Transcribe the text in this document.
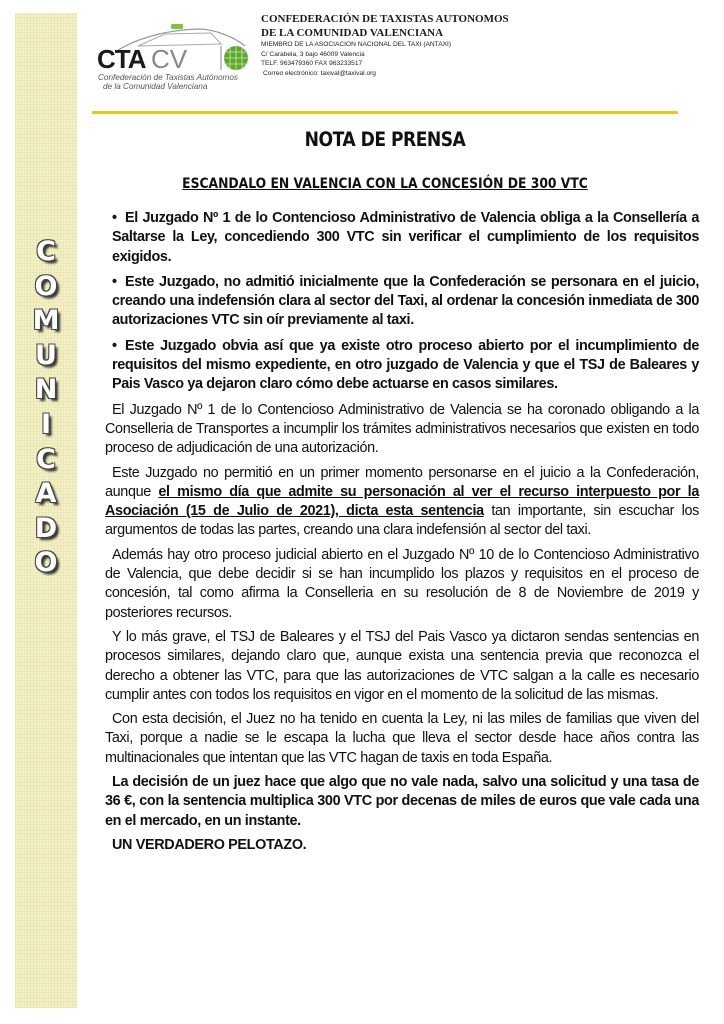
C
O
M
U
N
I
C
A
D
O
CTA CV
Confederación de Taxistas Autónomos
de la Comunidad Valenciana
CONFEDERACIÓN DE TAXISTAS AUTONOMOS
DE LA COMUNIDAD VALENCIANA
MIEMBRO DE LA ASOCIACION NACIONAL DEL TAXI (ANTAXI)
C/ Carabela, 3 bajo 46009 Valencia
TELF. 963479360 FAX 963233517
Correo electrónico: taxival@taxival.org
NOTA DE PRENSA
ESCANDALO EN VALENCIA CON LA CONCESIÓN DE 300 VTC

• El Juzgado Nº 1 de lo Contencioso Administrativo de Valencia obliga a la Consellería a Saltarse la Ley, concediendo 300 VTC sin verificar el cumplimiento de los requisitos exigidos.

• Este Juzgado, no admitió inicialmente que la Confederación se personara en el juicio, creando una indefensión clara al sector del Taxi, al ordenar la concesión inmediata de 300 autorizaciones VTC sin oír previamente al taxi.

• Este Juzgado obvia así que ya existe otro proceso abierto por el incumplimiento de requisitos del mismo expediente, en otro juzgado de Valencia y que el TSJ de Baleares y Pais Vasco ya dejaron claro cómo debe actuarse en casos similares.

El Juzgado Nº 1 de lo Contencioso Administrativo de Valencia se ha coronado obligando a la Conselleria de Transportes a incumplir los trámites administrativos necesarios que existen en todo proceso de adjudicación de una autorización.

Este Juzgado no permitió en un primer momento personarse en el juicio a la Confederación, aunque el mismo día que admite su personación al ver el recurso interpuesto por la Asociación (15 de Julio de 2021), dicta esta sentencia tan importante, sin escuchar los argumentos de todas las partes, creando una clara indefensión al sector del taxi.

Además hay otro proceso judicial abierto en el Juzgado Nº 10 de lo Contencioso Administrativo de Valencia, que debe decidir si se han incumplido los plazos y requisitos en el proceso de concesión, tal como afirma la Conselleria en su resolución de 8 de Noviembre de 2019 y posteriores recursos.

Y lo más grave, el TSJ de Baleares y el TSJ del Pais Vasco ya dictaron sendas sentencias en procesos similares, dejando claro que, aunque exista una sentencia previa que reconozca el derecho a obtener las VTC, para que las autorizaciones de VTC salgan a la calle es necesario cumplir antes con todos los requisitos en vigor en el momento de la solicitud de las mismas.

Con esta decisión, el Juez no ha tenido en cuenta la Ley, ni las miles de familias que viven del Taxi, porque a nadie se le escapa la lucha que lleva el sector desde hace años contra las multinacionales que intentan que las VTC hagan de taxis en toda España.

La decisión de un juez hace que algo que no vale nada, salvo una solicitud y una tasa de 36 €, con la sentencia multiplica 300 VTC por decenas de miles de euros que vale cada una en el mercado, en un instante.

UN VERDADERO PELOTAZO.
